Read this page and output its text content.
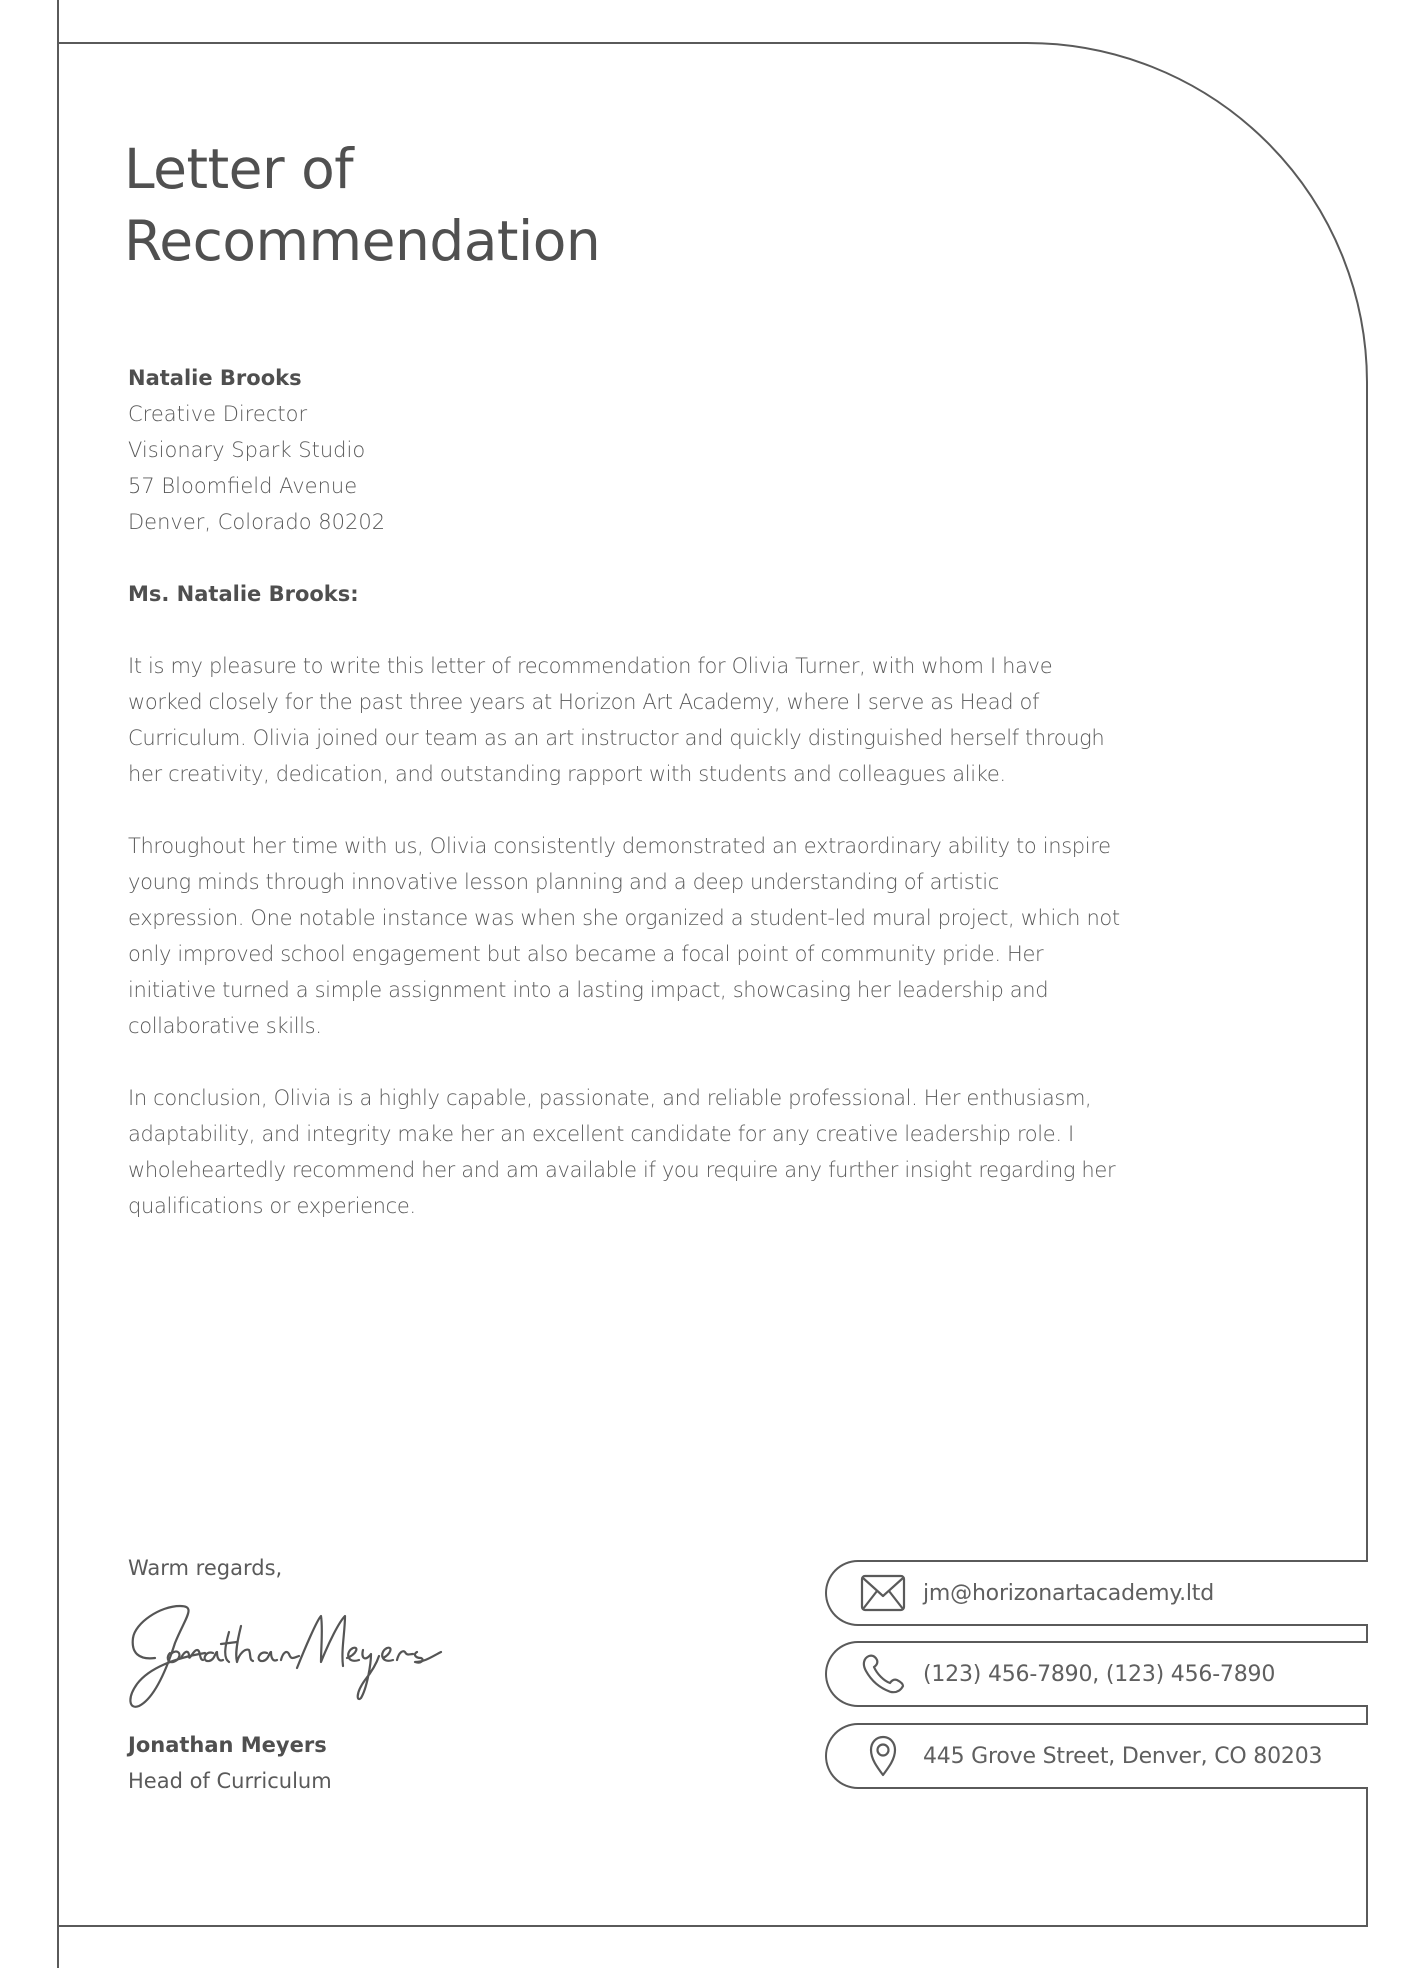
Letter of
Recommendation
Natalie Brooks
Creative Director
Visionary Spark Studio
57 Bloomfield Avenue
Denver, Colorado 80202
Ms. Natalie Brooks:
It is my pleasure to write this letter of recommendation for Olivia Turner, with whom I have
worked closely for the past three years at Horizon Art Academy, where I serve as Head of
Curriculum. Olivia joined our team as an art instructor and quickly distinguished herself through
her creativity, dedication, and outstanding rapport with students and colleagues alike.
Throughout her time with us, Olivia consistently demonstrated an extraordinary ability to inspire
young minds through innovative lesson planning and a deep understanding of artistic
expression. One notable instance was when she organized a student-led mural project, which not
only improved school engagement but also became a focal point of community pride. Her
initiative turned a simple assignment into a lasting impact, showcasing her leadership and
collaborative skills.
In conclusion, Olivia is a highly capable, passionate, and reliable professional. Her enthusiasm,
adaptability, and integrity make her an excellent candidate for any creative leadership role. I
wholeheartedly recommend her and am available if you require any further insight regarding her
qualifications or experience.
Warm regards,
Jonathan Meyers
Head of Curriculum
jm@horizonartacademy.ltd
(123) 456-7890, (123) 456-7890
445 Grove Street, Denver, CO 80203
